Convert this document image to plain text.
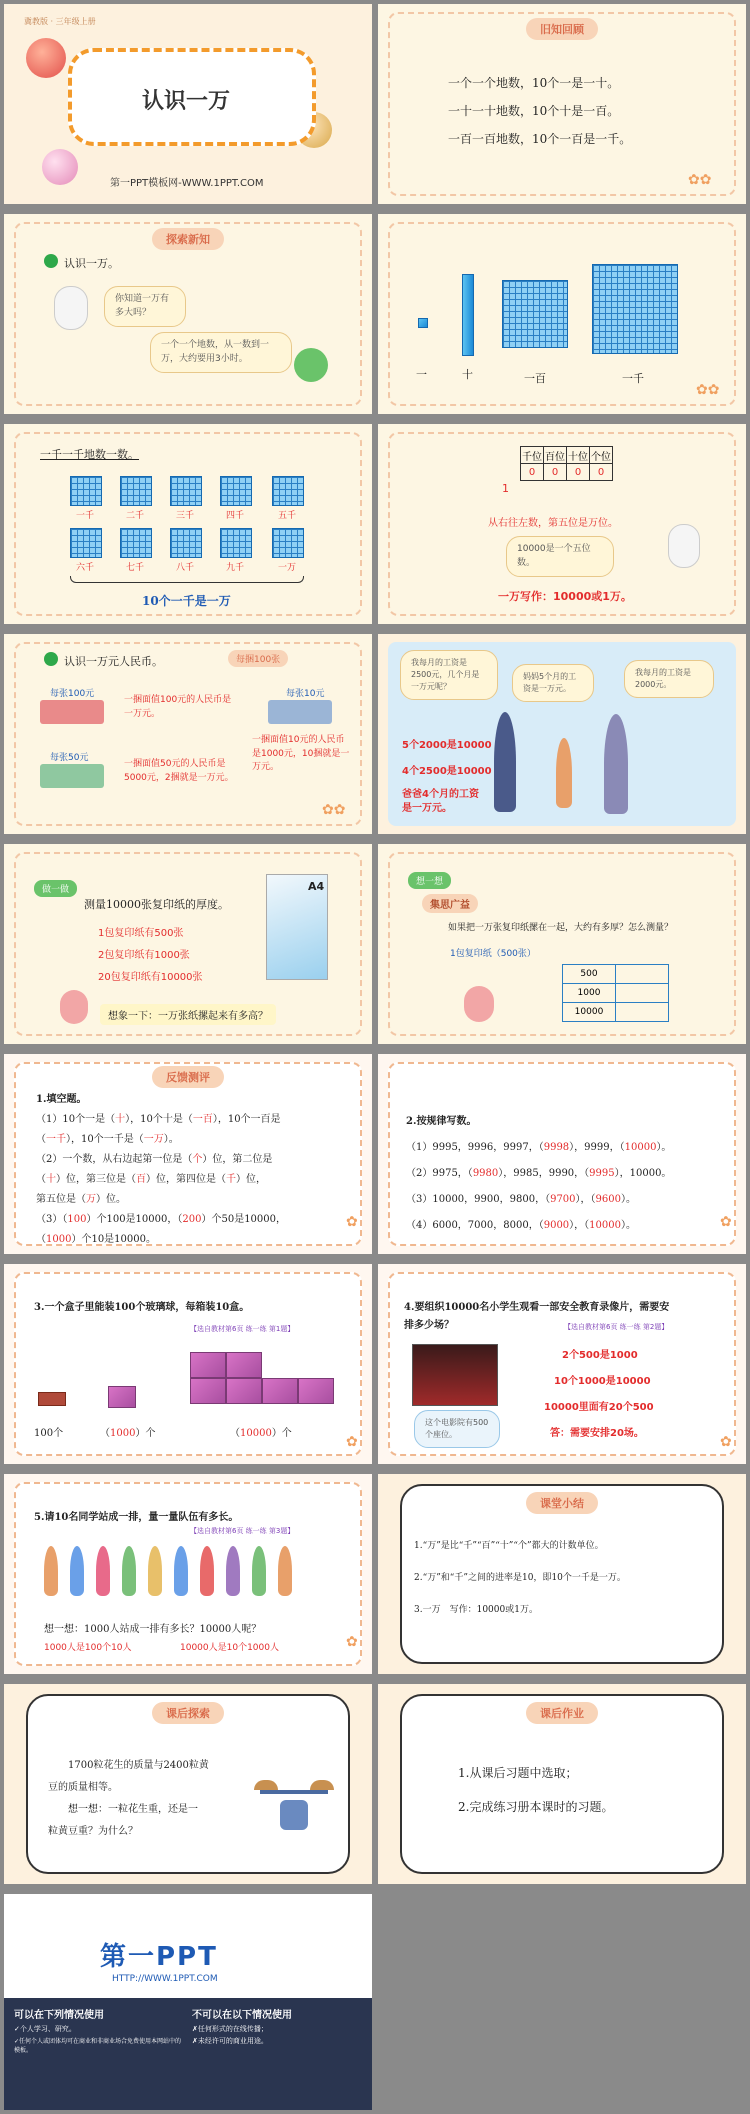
冀教版 · 三年级上册
认识一万
第一PPT模板网-WWW.1PPT.COM
旧知回顾
一个一个地数，10个一是一十。
一十一十地数，10个十是一百。
一百一百地数，10个一百是一千。
✿✿
探索新知
认识一万。
你知道一万有多大吗？
一个一个地数，从一数到一万，大约要用3小时。
一	十	一百	一千
✿✿
一千一千地数一数。
一千	二千	三千	四千	五千
六千	七千	八千	九千	一万
10个一千是一万
千位	百位	十位	个位
0	0	0	0
1
从右往左数，第五位是万位。
10000是一个五位数。
一万写作：10000或1万。
认识一万元人民币。	每捆100张
每张100元
一捆面值100元的人民币是一万元。
每张10元
一捆面值10元的人民币是1000元，10捆就是一万元。
每张50元
一捆面值50元的人民币是5000元，2捆就是一万元。
✿✿
我每月的工资是2500元，几个月是一万元呢？
妈妈5个月的工资是一万元。
我每月的工资是2000元。
5个2000是10000
4个2500是10000
爸爸4个月的工资是一万元。
做一做	A4
测量10000张复印纸的厚度。
1包复印纸有500张
2包复印纸有1000张
20包复印纸有10000张
想象一下：一万张纸摞起来有多高？
想一想
集思广益
如果把一万张复印纸摞在一起，大约有多厚？怎么测量？
1包复印纸（500张）
500	
1000	
10000	
反馈测评
1.填空题。
（1）10个一是（十），10个十是（一百），10个一百是
（一千），10个一千是（一万）。
（2）一个数，从右边起第一位是（个）位，第二位是
（十）位，第三位是（百）位，第四位是（千）位，
第五位是（万）位。
（3）（100）个100是10000，（200）个50是10000，
（1000）个10是10000。
✿
2.按规律写数。
（1）9995，9996，9997，（9998），9999，（10000）。
（2）9975，（9980），9985，9990，（9995），10000。
（3）10000，9900，9800，（9700），（9600）。
（4）6000，7000，8000，（9000），（10000）。	✿
3.一个盒子里能装100个玻璃球，每箱装10盒。
【选自教材第6页 练一练 第1题】
100个	（1000）个	（10000）个
✿
4.要组织10000名小学生观看一部安全教育录像片，需要安
排多少场？	【选自教材第6页 练一练 第2题】
这个电影院有500个座位。
2个500是1000
10个1000是10000
10000里面有20个500
答：需要安排20场。
✿
5.请10名同学站成一排，量一量队伍有多长。
【选自教材第6页 练一练 第3题】
想一想：1000人站成一排有多长？10000人呢？
1000人是100个10人	10000人是10个1000人	✿
课堂小结
1.“万”是比“千”“百”“十”“个”都大的计数单位。
2.“万”和“千”之间的进率是10，即10个一千是一万。
3.一万　写作：10000或1万。
课后探索
1700粒花生的质量与2400粒黄
豆的质量相等。
想一想：一粒花生重，还是一
粒黄豆重？为什么？
课后作业
1.从课后习题中选取；
2.完成练习册本课时的习题。
第一PPT
HTTP://WWW.1PPT.COM
可以在下列情况使用
✓个人学习、研究。
✓任何个人或团体均可在商业和非商业场合免费使用本网站中的模板。
不可以在以下情况使用
✗任何形式的在线传播；
✗未经许可的商业用途。
